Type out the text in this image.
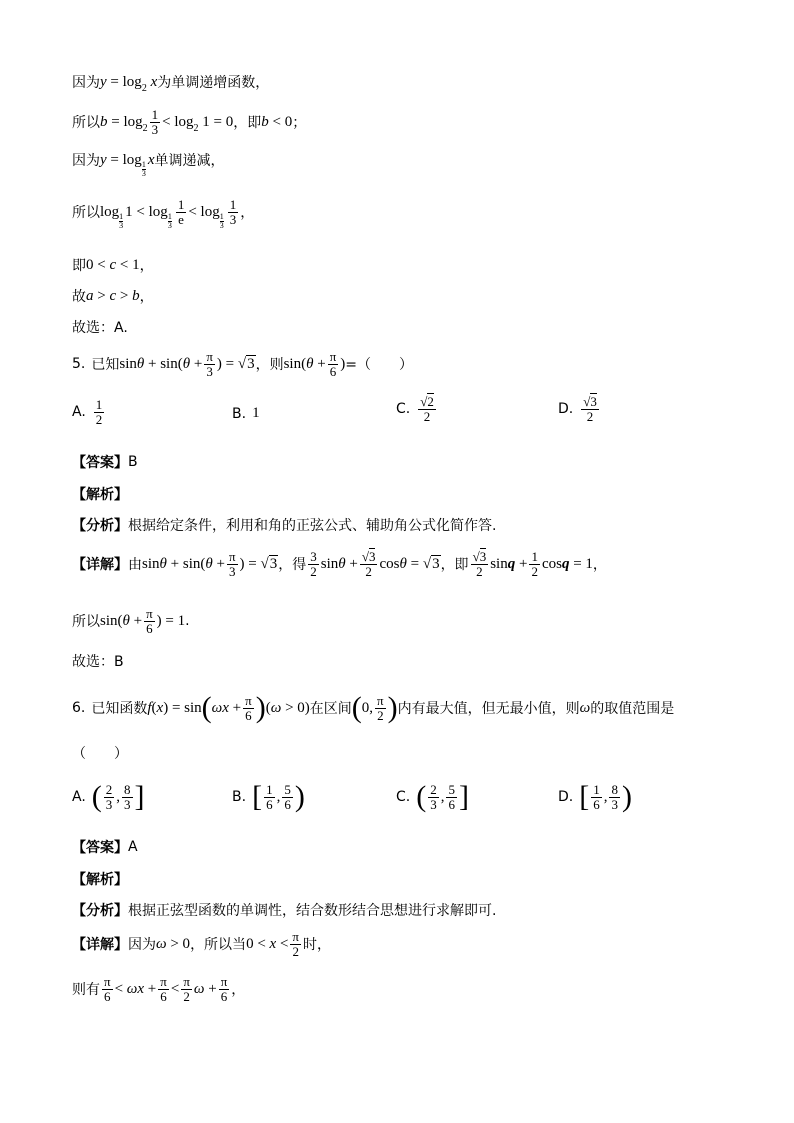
因为 y = log 2 x 为单调递增函数，
所以 $b = \log 2 \frac{1}{3} < \log 2$ 1 = 0 ，即 b < 0 ；
因为 y = log
$\frac{1}{3}$
x 单调递减，
所以 log
$\frac{1}{3}$
1 < log
$\frac{1}{3} \frac{1}{e} < \log$
$\frac{1}{3} \frac{1}{3}$ ，
即 0 < c < 1 ，
故 a > c > b ，
故选：A.
5. 已知 sin θ + sin( $\theta + \frac{\pi}{3}$ ) = √3 ，则 sin( $\theta + \frac{\pi}{6}$ ) =（　　）
A. $\frac{1}{2}$	B. 1	C. $\frac{√2}{2}$	D. $\frac{√3}{2}$
【答案】 B
【解析】
【分析】 根据给定条件，利用和角的正弦公式、辅助角公式化简作答.
【详解】 由 sin θ + sin( $\theta + \frac{\pi}{3}$ ) = √3 ，得 $\frac{3}{2}$ $\sin \theta + \frac{√3}{2}$ cos θ = √3 ，即 $\frac{√3}{2}$ $\sin q + \frac{1}{2}$ cos q = 1 ，
所以 sin( $\theta + \frac{\pi}{6}$ ) = 1 .
故选：B
6. 已知函数 f ( x ) = sin ( $\omega x + \frac{\pi}{6}$ ) ( ω > 0) 在区间 ( 0, $\frac{\pi}{2}$ ) 内有最大值，但无最小值，则 ω 的取值范围是
（　　）
A. ( $\frac{2}{3}$ , $\frac{8}{3}$ ]	B. [ $\frac{1}{6}$ , $\frac{5}{6}$ )	C. ( $\frac{2}{3}$ , $\frac{5}{6}$ ]	D. [ $\frac{1}{6}$ , $\frac{8}{3}$ )
【答案】 A
【解析】
【分析】 根据正弦型函数的单调性，结合数形结合思想进行求解即可.
【详解】 因为 ω > 0 ，所以当 $0 < x < \frac{\pi}{2}$ 时，
则有 $\frac{\pi}{6} < \omega x + \frac{\pi}{6} < \frac{\pi}{2}$ $\omega + \frac{\pi}{6}$ ，
